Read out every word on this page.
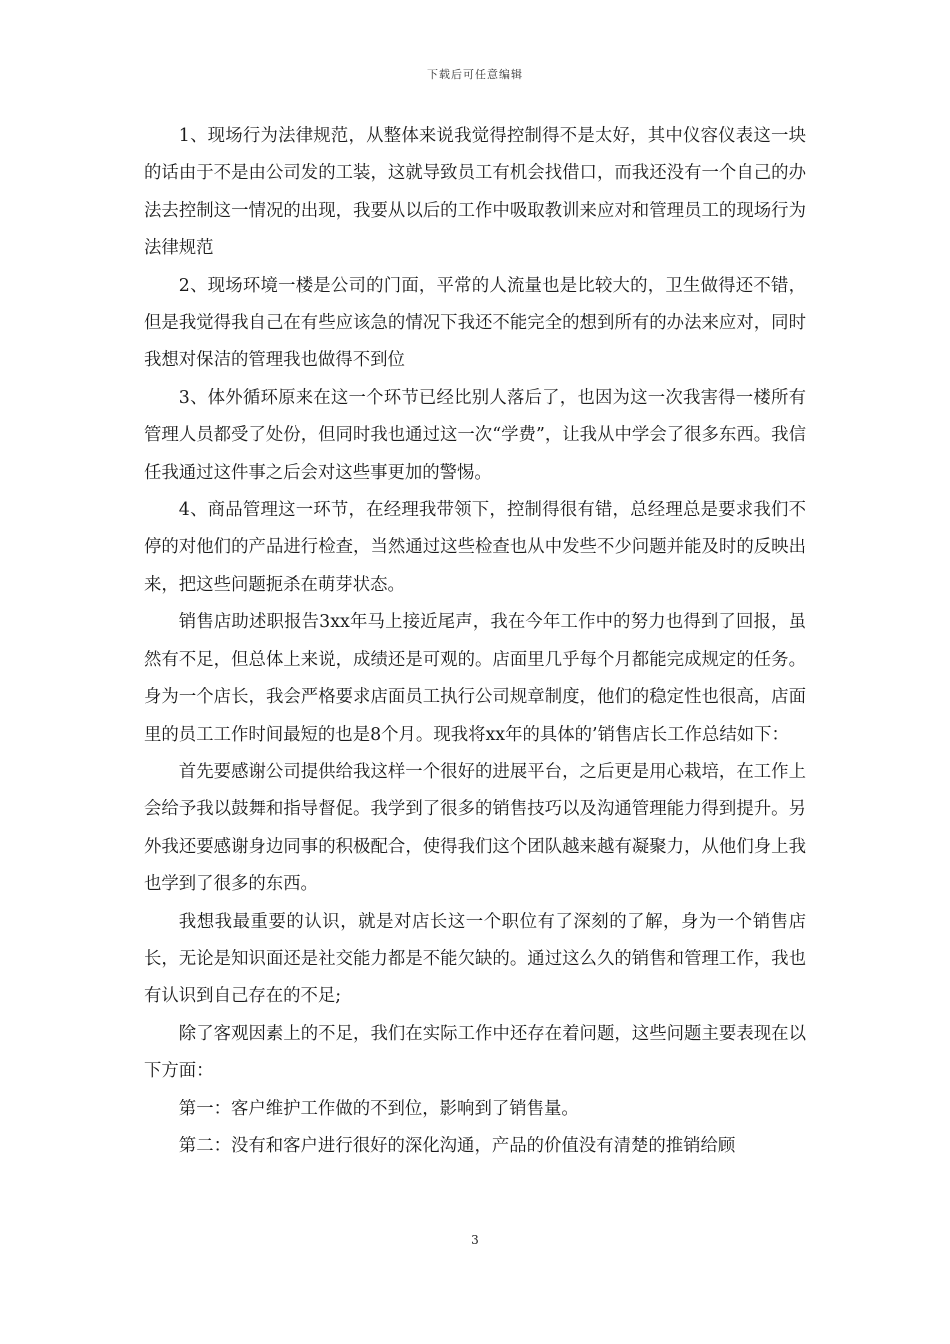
下载后可任意编辑

1、现场行为法律规范，从整体来说我觉得控制得不是太好，其中仪容仪表这一块的话由于不是由公司发的工装，这就导致员工有机会找借口，而我还没有一个自己的办法去控制这一情况的出现，我要从以后的工作中吸取教训来应对和管理员工的现场行为法律规范

2、现场环境一楼是公司的门面，平常的人流量也是比较大的，卫生做得还不错，但是我觉得我自己在有些应该急的情况下我还不能完全的想到所有的办法来应对，同时我想对保洁的管理我也做得不到位

3、体外循环原来在这一个环节已经比别人落后了，也因为这一次我害得一楼所有管理人员都受了处份，但同时我也通过这一次“学费”，让我从中学会了很多东西。我信任我通过这件事之后会对这些事更加的警惕。

4、商品管理这一环节，在经理我带领下，控制得很有错，总经理总是要求我们不停的对他们的产品进行检查，当然通过这些检查也从中发些不少问题并能及时的反映出来，把这些问题扼杀在萌芽状态。

销售店助述职报告3xx年马上接近尾声，我在今年工作中的努力也得到了回报，虽然有不足，但总体上来说，成绩还是可观的。店面里几乎每个月都能完成规定的任务。身为一个店长，我会严格要求店面员工执行公司规章制度，他们的稳定性也很高，店面里的员工工作时间最短的也是8个月。现我将xx年的具体的’销售店长工作总结如下：

首先要感谢公司提供给我这样一个很好的进展平台，之后更是用心栽培，在工作上会给予我以鼓舞和指导督促。我学到了很多的销售技巧以及沟通管理能力得到提升。另外我还要感谢身边同事的积极配合，使得我们这个团队越来越有凝聚力，从他们身上我也学到了很多的东西。

我想我最重要的认识，就是对店长这一个职位有了深刻的了解，身为一个销售店长，无论是知识面还是社交能力都是不能欠缺的。通过这么久的销售和管理工作，我也有认识到自己存在的不足;

除了客观因素上的不足，我们在实际工作中还存在着问题，这些问题主要表现在以下方面：

第一：客户维护工作做的不到位，影响到了销售量。

第二：没有和客户进行很好的深化沟通，产品的价值没有清楚的推销给顾

3
